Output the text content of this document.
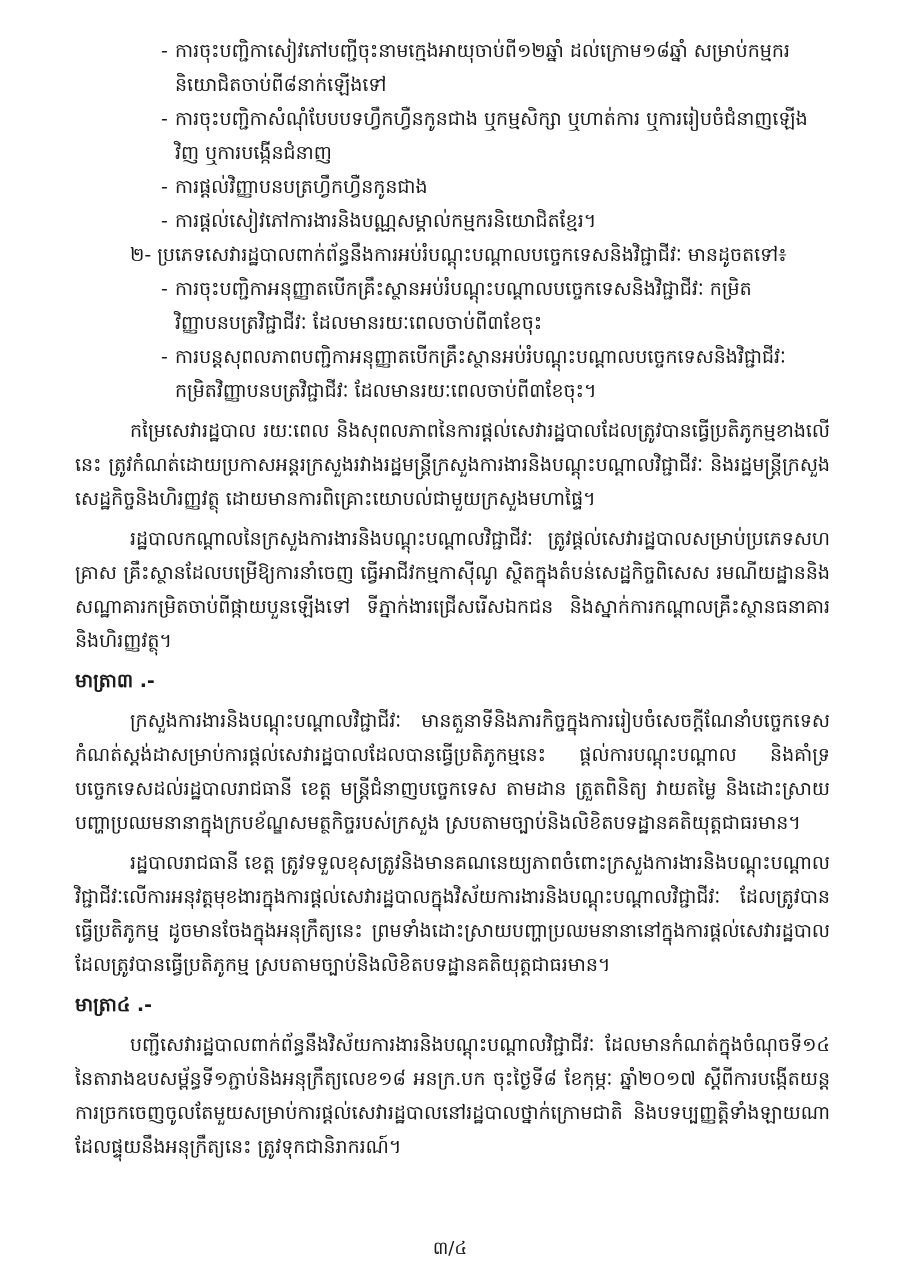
- ការចុះបញ្ជិកាសៀវភៅបញ្ជីចុះនាមក្មេងអាយុចាប់ពី១២ឆ្នាំ ដល់ក្រោម១៨ឆ្នាំ សម្រាប់កម្មករនិយោជិតចាប់ពី៨នាក់ឡើងទៅ
- ការចុះបញ្ជិកាសំណុំបែបបទហ្វឹកហ្វឺនកូនជាង ឬកម្មសិក្សា ឬហាត់ការ ឬការរៀបចំជំនាញឡើងវិញ ឬការបង្កើនជំនាញ
- ការផ្តល់វិញ្ញាបនបត្រហ្វឹកហ្វឺនកូនជាង
- ការផ្តល់សៀវភៅការងារនិងបណ្ណសម្គាល់កម្មករនិយោជិតខ្មែរ។
២- ប្រភេទសេវារដ្ឋបាលពាក់ព័ន្ធនឹងការអប់រំបណ្តុះបណ្តាលបច្ចេកទេសនិងវិជ្ជាជីវៈ មានដូចតទៅ៖
- ការចុះបញ្ជិកាអនុញ្ញាតបើកគ្រឹះស្ថានអប់រំបណ្តុះបណ្តាលបច្ចេកទេសនិងវិជ្ជាជីវៈ កម្រិតវិញ្ញាបនបត្រវិជ្ជាជីវៈ ដែលមានរយៈពេលចាប់ពី៣ខែចុះ
- ការបន្តសុពលភាពបញ្ជិកាអនុញ្ញាតបើកគ្រឹះស្ថានអប់រំបណ្តុះបណ្តាលបច្ចេកទេសនិងវិជ្ជាជីវៈ កម្រិតវិញ្ញាបនបត្រវិជ្ជាជីវៈ ដែលមានរយៈពេលចាប់ពី៣ខែចុះ។

កម្រៃសេវារដ្ឋបាល រយៈពេល និងសុពលភាពនៃការផ្តល់សេវារដ្ឋបាលដែលត្រូវបានធ្វើប្រតិភូកម្មខាងលើនេះ ត្រូវកំណត់ដោយប្រកាសអន្តរក្រសួងរវាងរដ្ឋមន្ត្រីក្រសួងការងារនិងបណ្តុះបណ្តាលវិជ្ជាជីវៈ និងរដ្ឋមន្ត្រីក្រសួងសេដ្ឋកិច្ចនិងហិរញ្ញវត្ថុ ដោយមានការពិគ្រោះយោបល់ជាមួយក្រសួងមហាផ្ទៃ។

រដ្ឋបាលកណ្តាលនៃក្រសួងការងារនិងបណ្តុះបណ្តាលវិជ្ជាជីវៈ ត្រូវផ្តល់សេវារដ្ឋបាលសម្រាប់ប្រភេទសហគ្រាស គ្រឹះស្ថានដែលបម្រើឱ្យការនាំចេញ ធ្វើអាជីវកម្មកាស៊ីណូ ស្ថិតក្នុងតំបន់សេដ្ឋកិច្ចពិសេស រមណីយដ្ឋាននិងសណ្ឋាគារកម្រិតចាប់ពីផ្កាយបួនឡើងទៅ ទីភ្នាក់ងារជ្រើសរើសឯកជន និងស្នាក់ការកណ្តាលគ្រឹះស្ថានធនាគារនិងហិរញ្ញវត្ថុ។

មាត្រា៣ .-

ក្រសួងការងារនិងបណ្តុះបណ្តាលវិជ្ជាជីវៈ មានតួនាទីនិងភារកិច្ចក្នុងការរៀបចំសេចក្តីណែនាំបច្ចេកទេសកំណត់ស្តង់ដាសម្រាប់ការផ្តល់សេវារដ្ឋបាលដែលបានធ្វើប្រតិភូកម្មនេះ ផ្តល់ការបណ្តុះបណ្តាល និងគាំទ្របច្ចេកទេសដល់រដ្ឋបាលរាជធានី ខេត្ត មន្ត្រីជំនាញបច្ចេកទេស តាមដាន ត្រួតពិនិត្យ វាយតម្លៃ និងដោះស្រាយបញ្ហាប្រឈមនានាក្នុងក្របខ័ណ្ឌសមត្ថកិច្ចរបស់ក្រសួង ស្របតាមច្បាប់និងលិខិតបទដ្ឋានគតិយុត្តជាធរមាន។

រដ្ឋបាលរាជធានី ខេត្ត ត្រូវទទួលខុសត្រូវនិងមានគណនេយ្យភាពចំពោះក្រសួងការងារនិងបណ្តុះបណ្តាលវិជ្ជាជីវៈលើការអនុវត្តមុខងារក្នុងការផ្តល់សេវារដ្ឋបាលក្នុងវិស័យការងារនិងបណ្តុះបណ្តាលវិជ្ជាជីវៈ ដែលត្រូវបានធ្វើប្រតិភូកម្ម ដូចមានចែងក្នុងអនុក្រឹត្យនេះ ព្រមទាំងដោះស្រាយបញ្ហាប្រឈមនានានៅក្នុងការផ្តល់សេវារដ្ឋបាលដែលត្រូវបានធ្វើប្រតិភូកម្ម ស្របតាមច្បាប់និងលិខិតបទដ្ឋានគតិយុត្តជាធរមាន។

មាត្រា៤ .-

បញ្ជីសេវារដ្ឋបាលពាក់ព័ន្ធនឹងវិស័យការងារនិងបណ្តុះបណ្តាលវិជ្ជាជីវៈ ដែលមានកំណត់ក្នុងចំណុចទី១៤ នៃតារាងឧបសម្ព័ន្ធទី១ភ្ជាប់និងអនុក្រឹត្យលេខ១៨ អនក្រ.បក ចុះថ្ងៃទី៨ ខែកុម្ភៈ ឆ្នាំ២០១៧ ស្តីពីការបង្កើតយន្តការច្រកចេញចូលតែមួយសម្រាប់ការផ្តល់សេវារដ្ឋបាលនៅរដ្ឋបាលថ្នាក់ក្រោមជាតិ និងបទប្បញ្ញត្តិទាំងឡាយណាដែលផ្ទុយនឹងអនុក្រឹត្យនេះ ត្រូវទុកជានិរាករណ៍។

៣/៤
